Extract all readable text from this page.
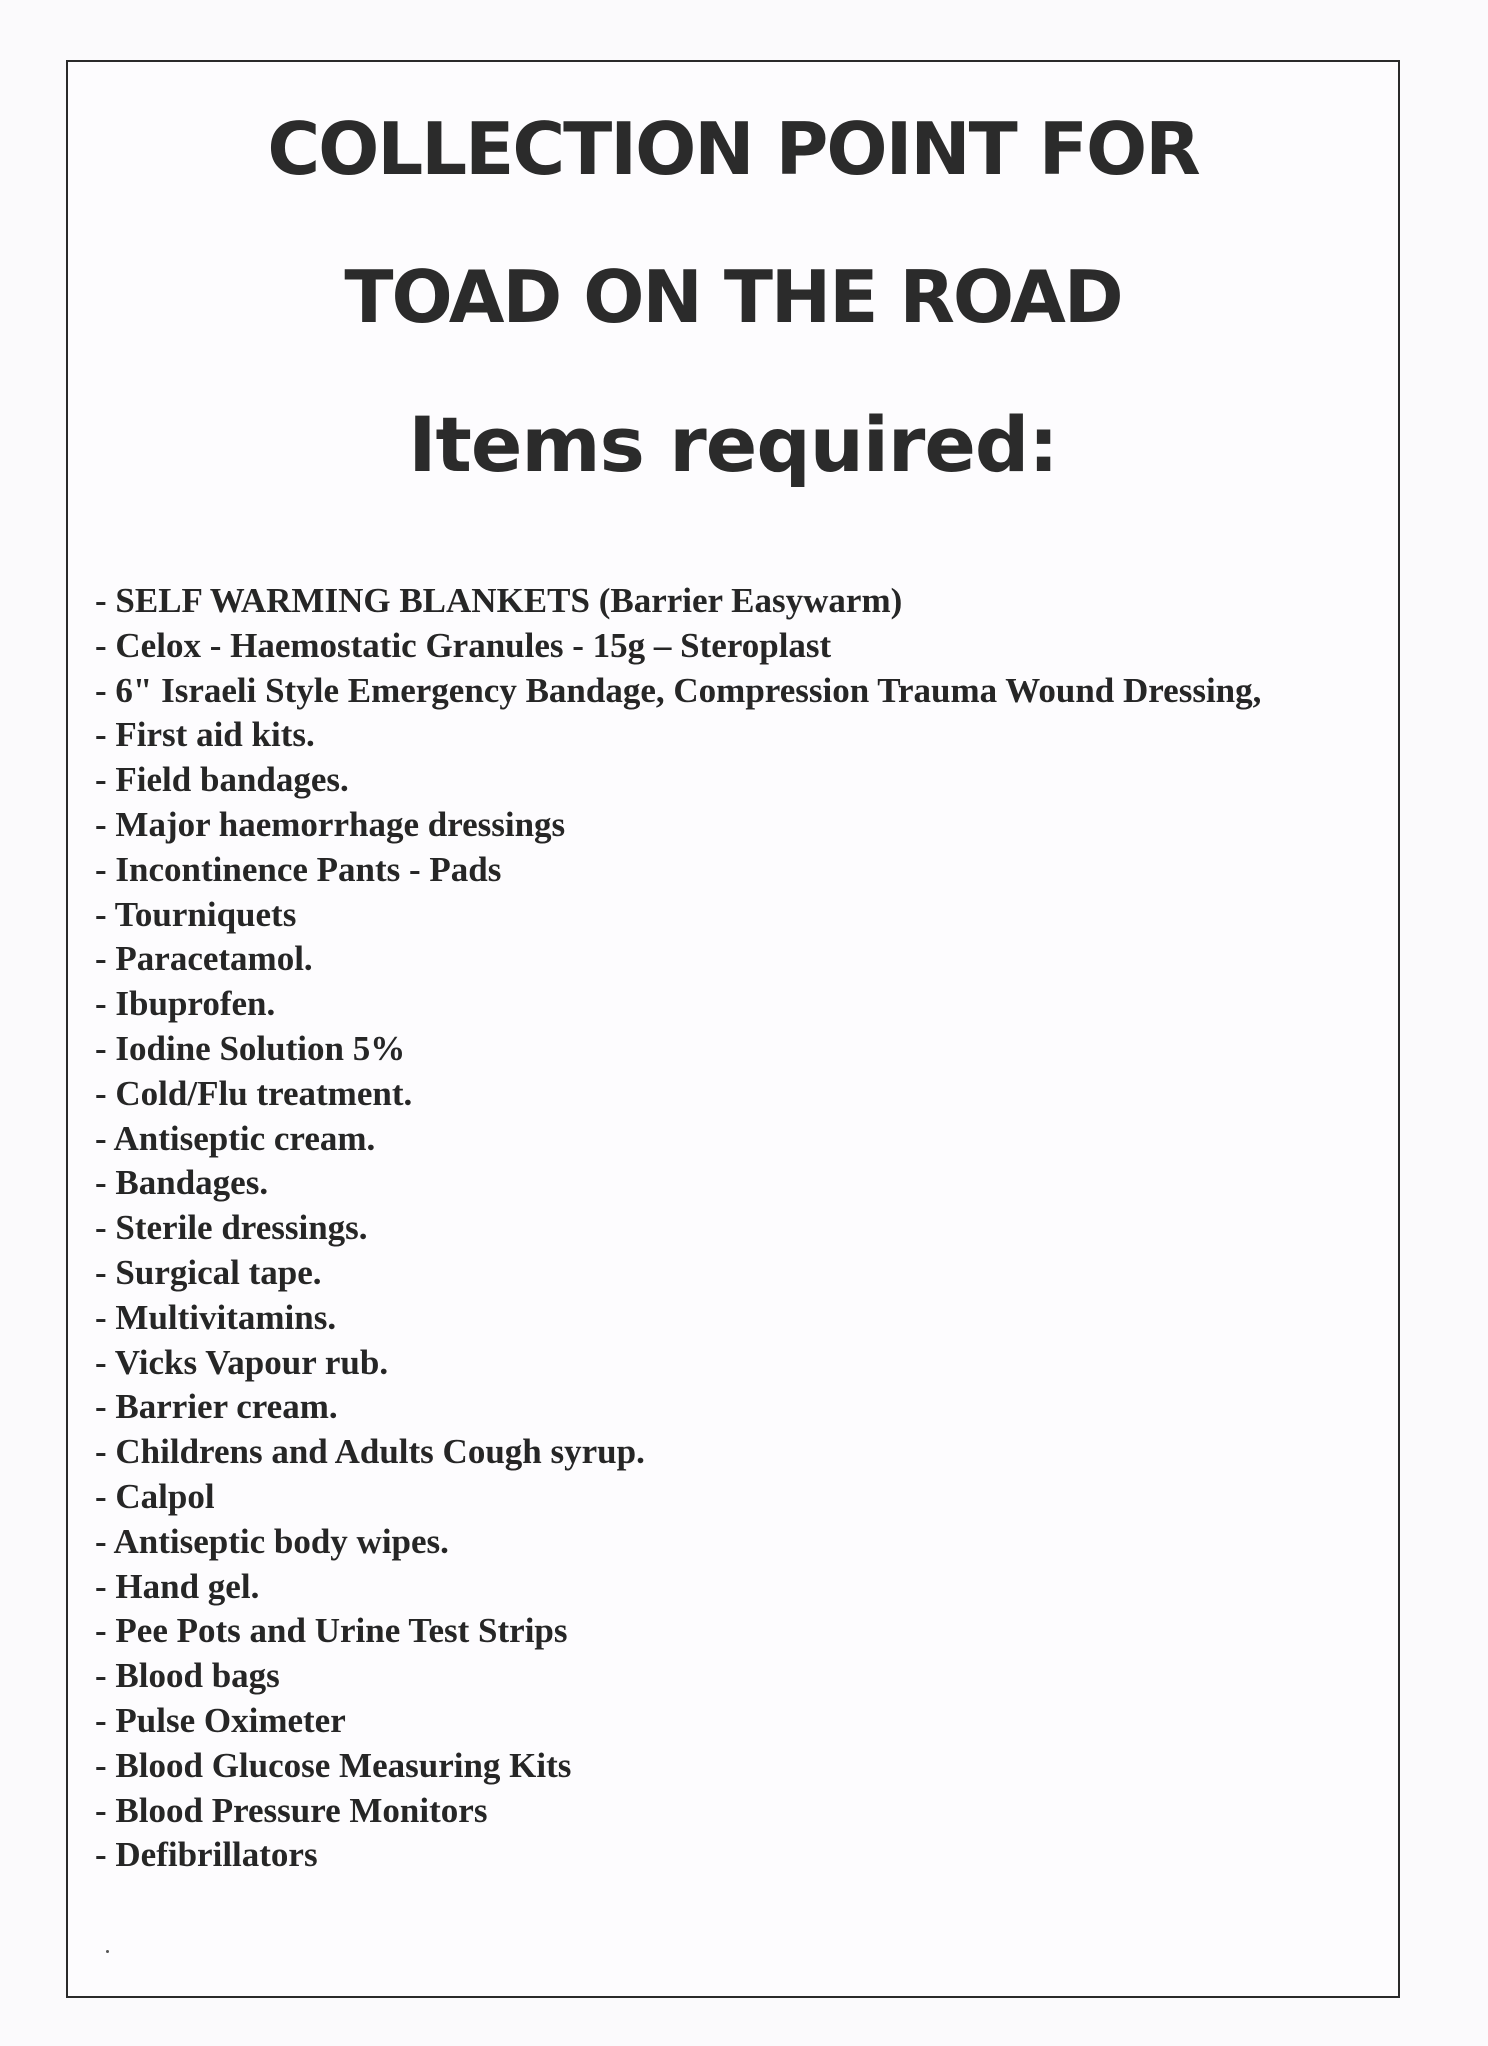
COLLECTION POINT FOR
TOAD ON THE ROAD
Items required:
- SELF WARMING BLANKETS (Barrier Easywarm)
- Celox - Haemostatic Granules - 15g – Steroplast
- 6" Israeli Style Emergency Bandage, Compression Trauma Wound Dressing,
- First aid kits.
- Field bandages.
- Major haemorrhage dressings
- Incontinence Pants - Pads
- Tourniquets
- Paracetamol.
- Ibuprofen.
- Iodine Solution 5%
- Cold/Flu treatment.
- Antiseptic cream.
- Bandages.
- Sterile dressings.
- Surgical tape.
- Multivitamins.
- Vicks Vapour rub.
- Barrier cream.
- Childrens and Adults Cough syrup.
- Calpol
- Antiseptic body wipes.
- Hand gel.
- Pee Pots and Urine Test Strips
- Blood bags
- Pulse Oximeter
- Blood Glucose Measuring Kits
- Blood Pressure Monitors
- Defibrillators
